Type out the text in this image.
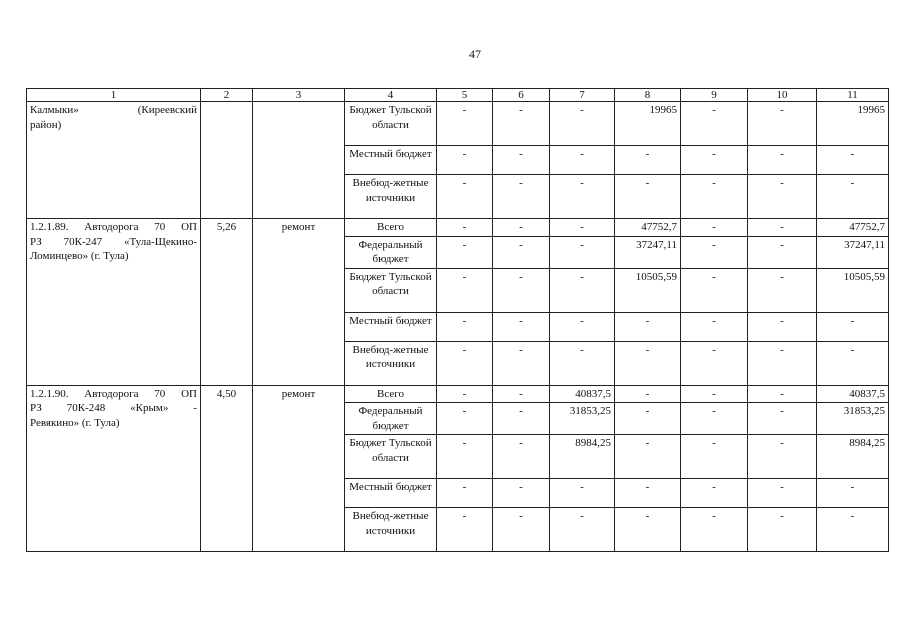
47
1	2	3	4	5	6	7	8	9	10	11

Калмыки» (Киреевский
район)			Бюджет Тульской области	-	-	-	19965	-	-	19965
			Местный бюджет	-	-	-	-	-	-	-
			Внебюд-жетные источники	-	-	-	-	-	-	-

1.2.1.89. Автодорога 70 ОП
РЗ 70К-247 «Тула-Щекино-
Ломинцево» (г. Тула)	5,26	ремонт	Всего	-	-	-	47752,7	-	-	47752,7
			Федеральный бюджет	-	-	-	37247,11	-	-	37247,11
			Бюджет Тульской области	-	-	-	10505,59	-	-	10505,59
			Местный бюджет	-	-	-	-	-	-	-
			Внебюд-жетные источники	-	-	-	-	-	-	-

1.2.1.90. Автодорога 70 ОП
РЗ 70К-248 «Крым» -
Ревякино» (г. Тула)	4,50	ремонт	Всего	-	-	40837,5	-	-	-	40837,5
			Федеральный бюджет	-	-	31853,25	-	-	-	31853,25
			Бюджет Тульской области	-	-	8984,25	-	-	-	8984,25
			Местный бюджет	-	-	-	-	-	-	-
			Внебюд-жетные источники	-	-	-	-	-	-	-
